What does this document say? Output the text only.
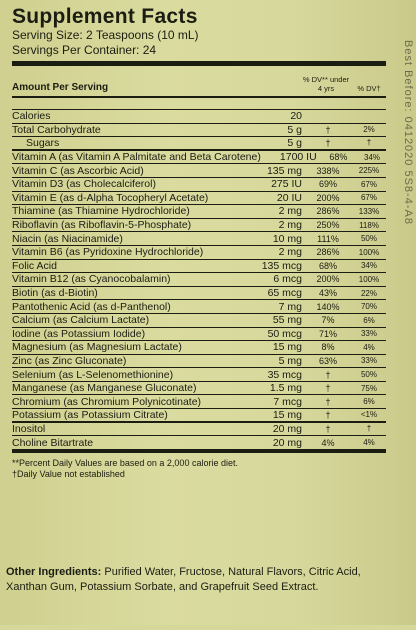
Supplement Facts
Serving Size: 2 Teaspoons (10 mL)
Servings Per Container: 24
Amount Per Serving
% DV** under 4 yrs	% DV†
Calories	20
Total Carbohydrate	5 g	†	2%
Sugars	5 g	†	†
Vitamin A (as Vitamin A Palmitate and Beta Carotene)	1700 IU	68%	34%
Vitamin C (as Ascorbic Acid)	135 mg	338%	225%
Vitamin D3 (as Cholecalciferol)	275 IU	69%	67%
Vitamin E (as d-Alpha Tocopheryl Acetate)	20 IU	200%	67%
Thiamine (as Thiamine Hydrochloride)	2 mg	286%	133%
Riboflavin (as Riboflavin-5-Phosphate)	2 mg	250%	118%
Niacin (as Niacinamide)	10 mg	111%	50%
Vitamin B6 (as Pyridoxine Hydrochloride)	2 mg	286%	100%
Folic Acid	135 mcg	68%	34%
Vitamin B12 (as Cyanocobalamin)	6 mcg	200%	100%
Biotin (as d-Biotin)	65 mcg	43%	22%
Pantothenic Acid (as d-Panthenol)	7 mg	140%	70%
Calcium (as Calcium Lactate)	55 mg	7%	6%
Iodine (as Potassium Iodide)	50 mcg	71%	33%
Magnesium (as Magnesium Lactate)	15 mg	8%	4%
Zinc (as Zinc Gluconate)	5 mg	63%	33%
Selenium (as L-Selenomethionine)	35 mcg	†	50%
Manganese (as Manganese Gluconate)	1.5 mg	†	75%
Chromium (as Chromium Polynicotinate)	7 mcg	†	6%
Potassium (as Potassium Citrate)	15 mg	†	<1%
Inositol	20 mg	†	†
Choline Bitartrate	20 mg	4%	4%
**Percent Daily Values are based on a 2,000 calorie diet.
†Daily Value not established
Other Ingredients: Purified Water, Fructose, Natural Flavors, Citric Acid, Xanthan Gum, Potassium Sorbate, and Grapefruit Seed Extract.
Best Before: 0412020 5S8-4-A8
